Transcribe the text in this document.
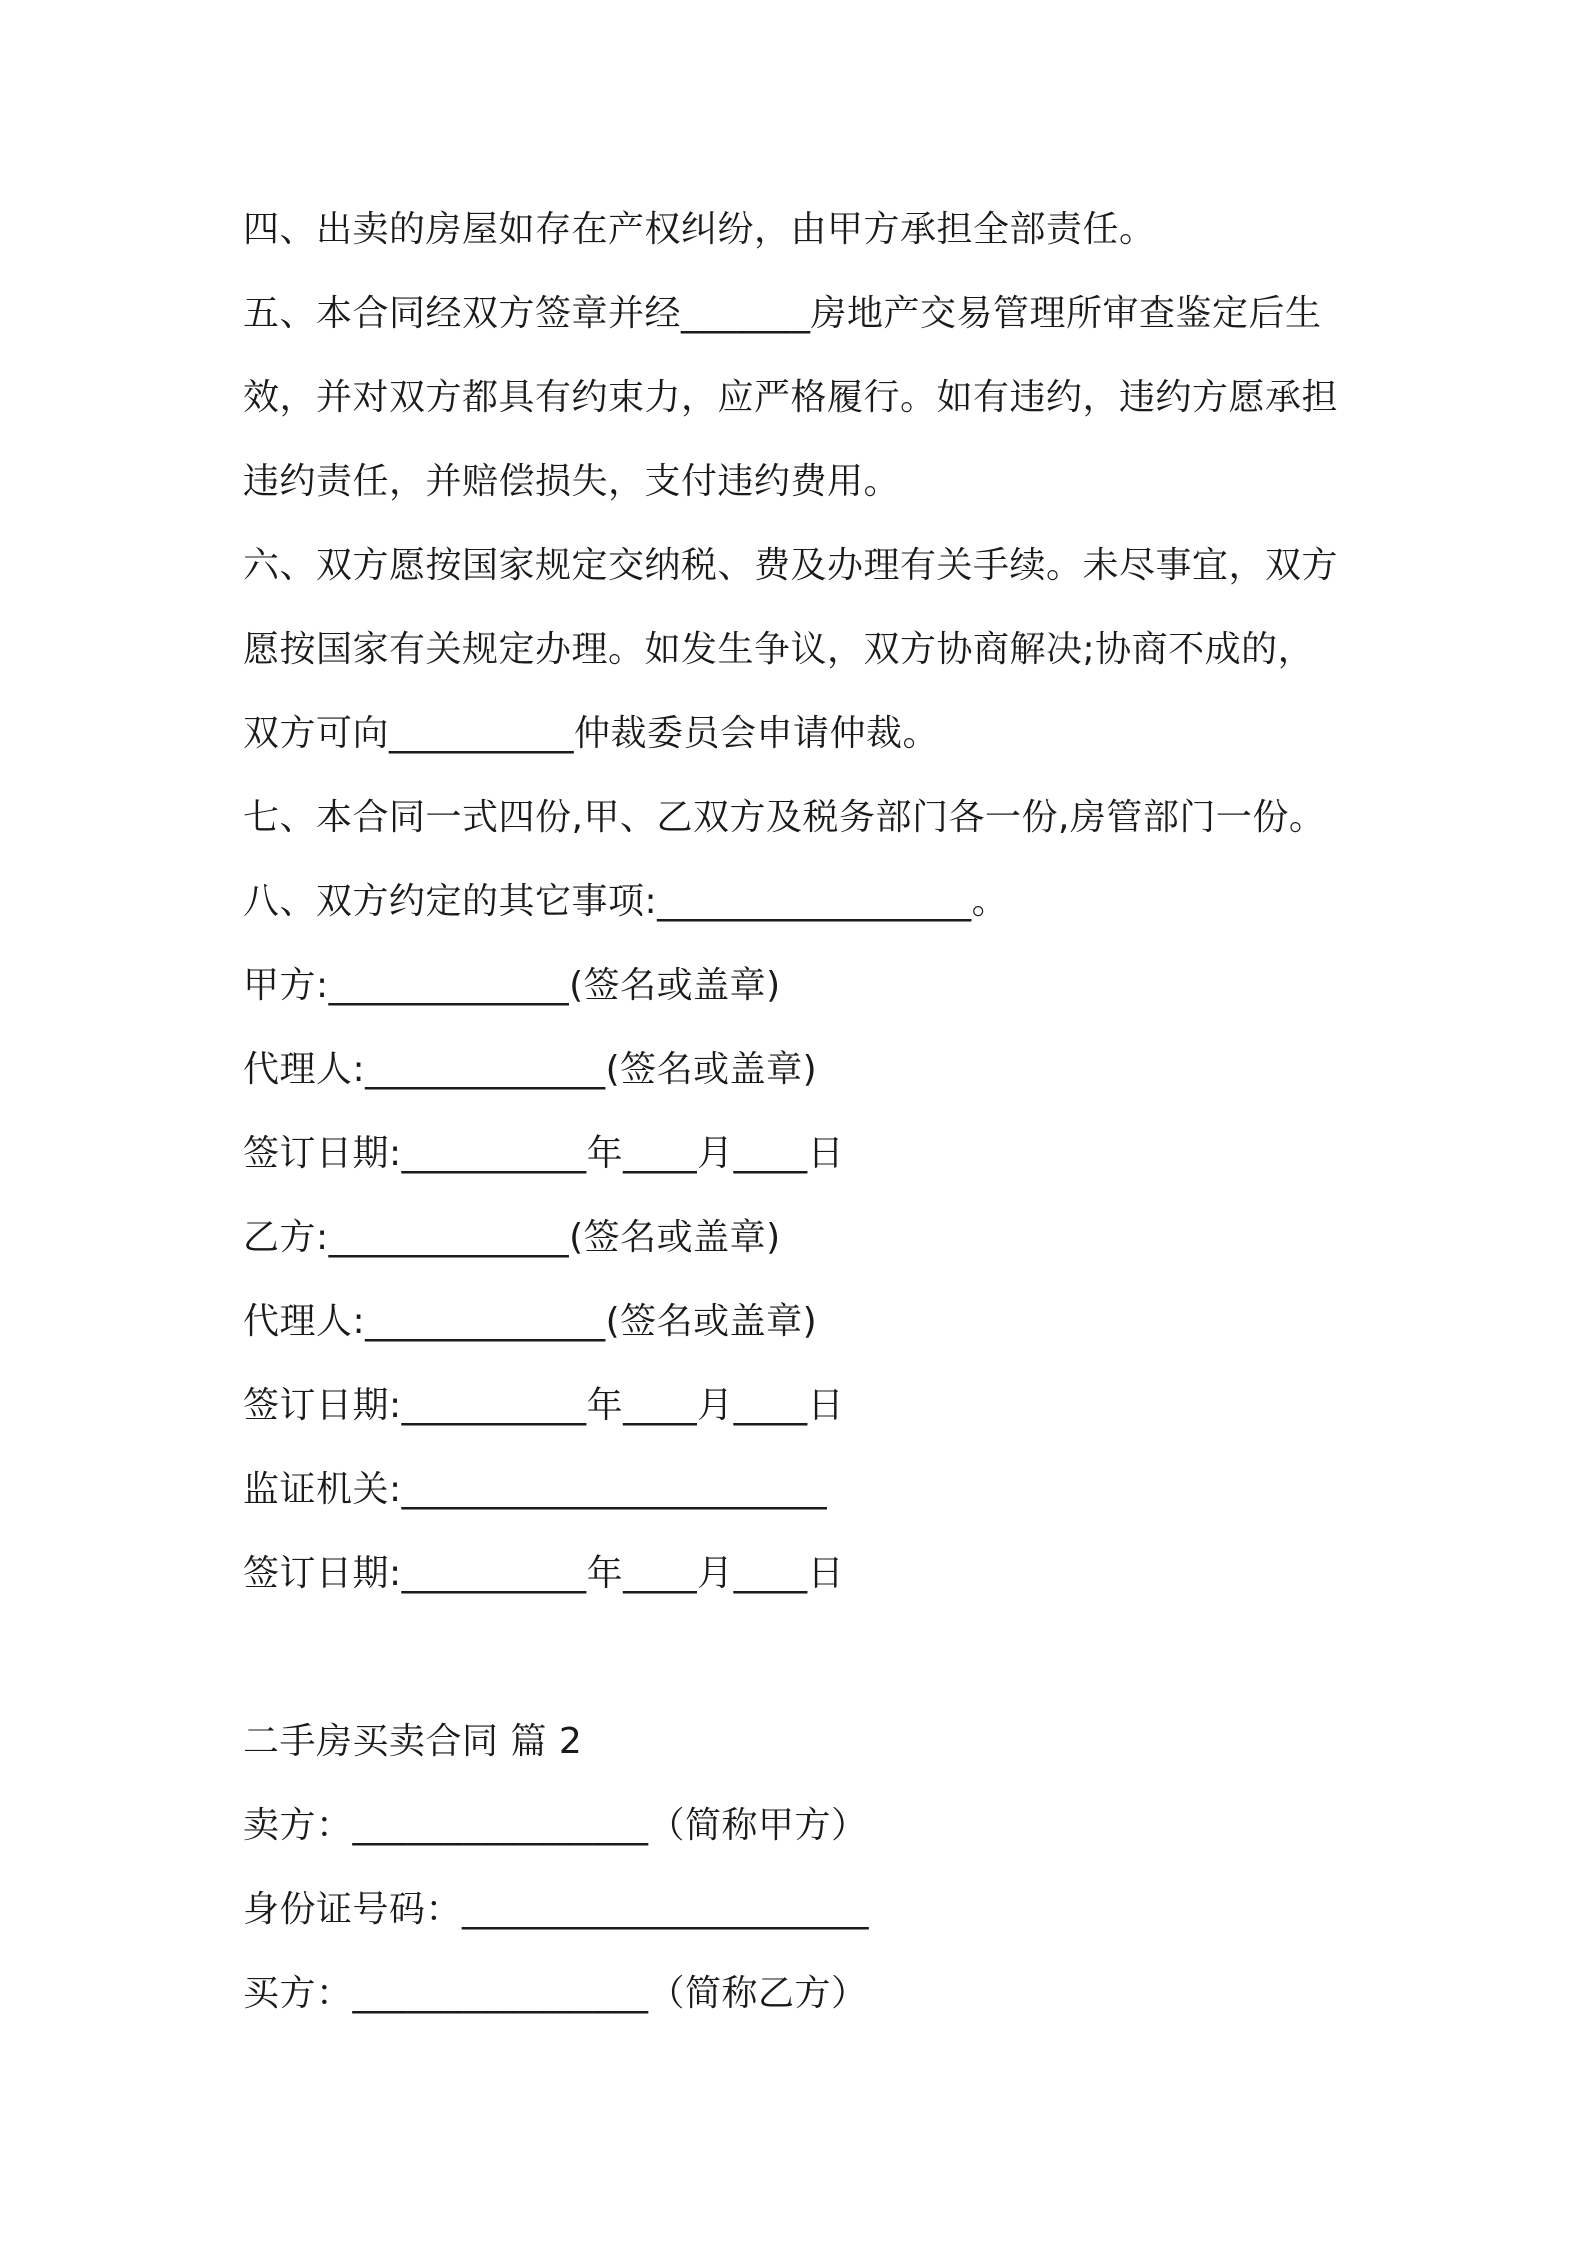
四、出卖的房屋如存在产权纠纷，由甲方承担全部责任。

五、本合同经双方签章并经_______房地产交易管理所审查鉴定后生

效，并对双方都具有约束力，应严格履行。如有违约，违约方愿承担

违约责任，并赔偿损失，支付违约费用。

六、双方愿按国家规定交纳税、费及办理有关手续。未尽事宜，双方

愿按国家有关规定办理。如发生争议，双方协商解决;协商不成的，

双方可向__________仲裁委员会申请仲裁。

七、本合同一式四份,甲、乙双方及税务部门各一份,房管部门一份。

八、双方约定的其它事项:_________________。

甲方:_____________(签名或盖章)

代理人:_____________(签名或盖章)

签订日期:__________年____月____日

乙方:_____________(签名或盖章)

代理人:_____________(签名或盖章)

签订日期:__________年____月____日

监证机关:_______________________

签订日期:__________年____月____日

二手房买卖合同 篇 2

卖方：________________（简称甲方）

身份证号码：______________________

买方：________________（简称乙方）
